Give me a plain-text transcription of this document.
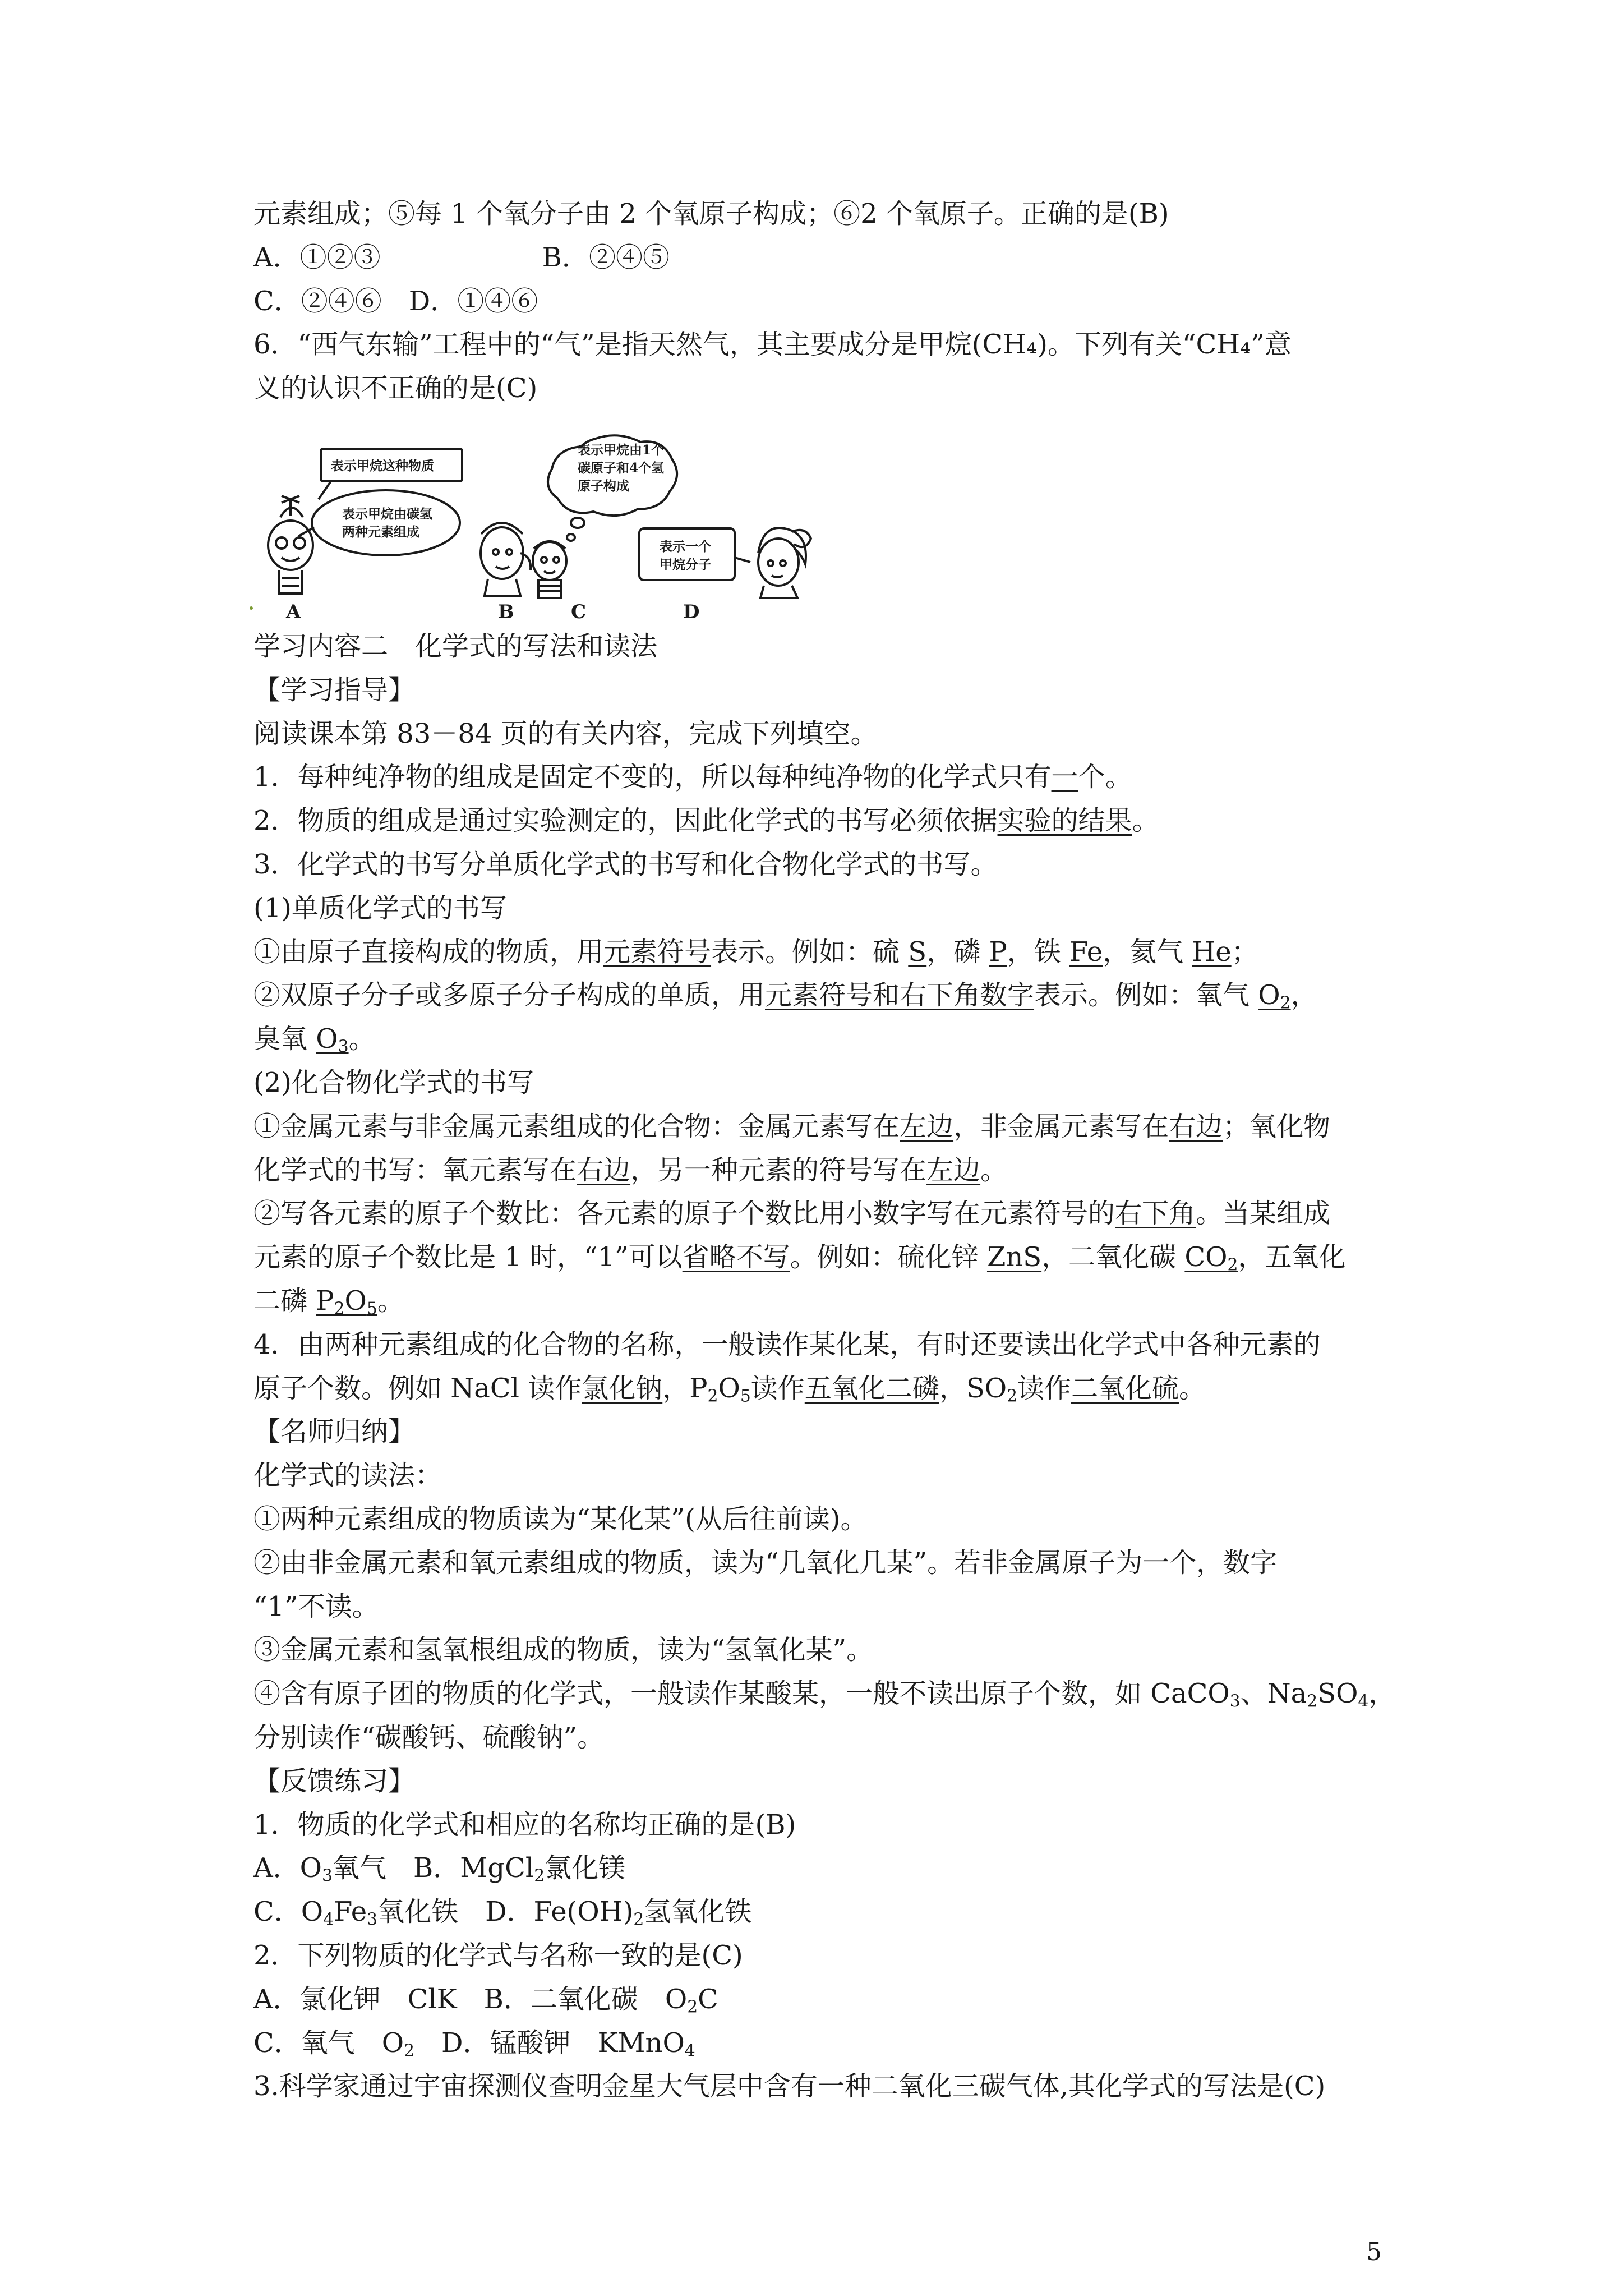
元素组成；⑤每 1 个氧分子由 2 个氧原子构成；⑥2 个氧原子。正确的是(B)
A．①②③　　　　　　B．②④⑤
C．②④⑥　D．①④⑥
6．“西气东输”工程中的“气”是指天然气，其主要成分是甲烷(CH₄)。下列有关“CH₄”意
义的认识不正确的是(C)
表示甲烷这种物质
表示甲烷由碳氢
两种元素组成
表示甲烷由1个
碳原子和4个氢
原子构成
表示一个
甲烷分子
A	B	C	D
学习内容二　化学式的写法和读法
【学习指导】
阅读课本第 83－84 页的有关内容，完成下列填空。
1．每种纯净物的组成是固定不变的，所以每种纯净物的化学式只有一个。
2．物质的组成是通过实验测定的，因此化学式的书写必须依据实验的结果。
3．化学式的书写分单质化学式的书写和化合物化学式的书写。
(1)单质化学式的书写
①由原子直接构成的物质，用元素符号表示。例如：硫 S，磷 P，铁 Fe，氦气 He；
②双原子分子或多原子分子构成的单质，用元素符号和右下角数字表示。例如：氧气 $O_2$，
臭氧 $O_3$。
(2)化合物化学式的书写
①金属元素与非金属元素组成的化合物：金属元素写在左边，非金属元素写在右边；氧化物
化学式的书写：氧元素写在右边，另一种元素的符号写在左边。
②写各元素的原子个数比：各元素的原子个数比用小数字写在元素符号的右下角。当某组成
元素的原子个数比是 1 时，“1”可以省略不写。例如：硫化锌 ZnS，二氧化碳 $CO_2$，五氧化
二磷 $P_2O_5$。
4．由两种元素组成的化合物的名称，一般读作某化某，有时还要读出化学式中各种元素的
原子个数。例如 NaCl 读作氯化钠，$P_2O_5$读作五氧化二磷，$SO_2$读作二氧化硫。
【名师归纳】
化学式的读法：
①两种元素组成的物质读为“某化某”(从后往前读)。
②由非金属元素和氧元素组成的物质，读为“几氧化几某”。若非金属原子为一个，数字
“1”不读。
③金属元素和氢氧根组成的物质，读为“氢氧化某”。
④含有原子团的物质的化学式，一般读作某酸某，一般不读出原子个数，如 CaCO$_3$、$Na_2SO_4$，
分别读作“碳酸钙、硫酸钠”。
【反馈练习】
1．物质的化学式和相应的名称均正确的是(B)
A．$O_3$氧气　B．MgCl$_2$氯化镁
C．$O_4Fe_3$氧化铁　D．$Fe(OH)_2$氢氧化铁
2．下列物质的化学式与名称一致的是(C)
A．氯化钾　ClK　B．二氧化碳　$O_2C$
C．氧气　$O_2$　D．锰酸钾　KMnO$_4$
3.科学家通过宇宙探测仪查明金星大气层中含有一种二氧化三碳气体,其化学式的写法是(C)
5
